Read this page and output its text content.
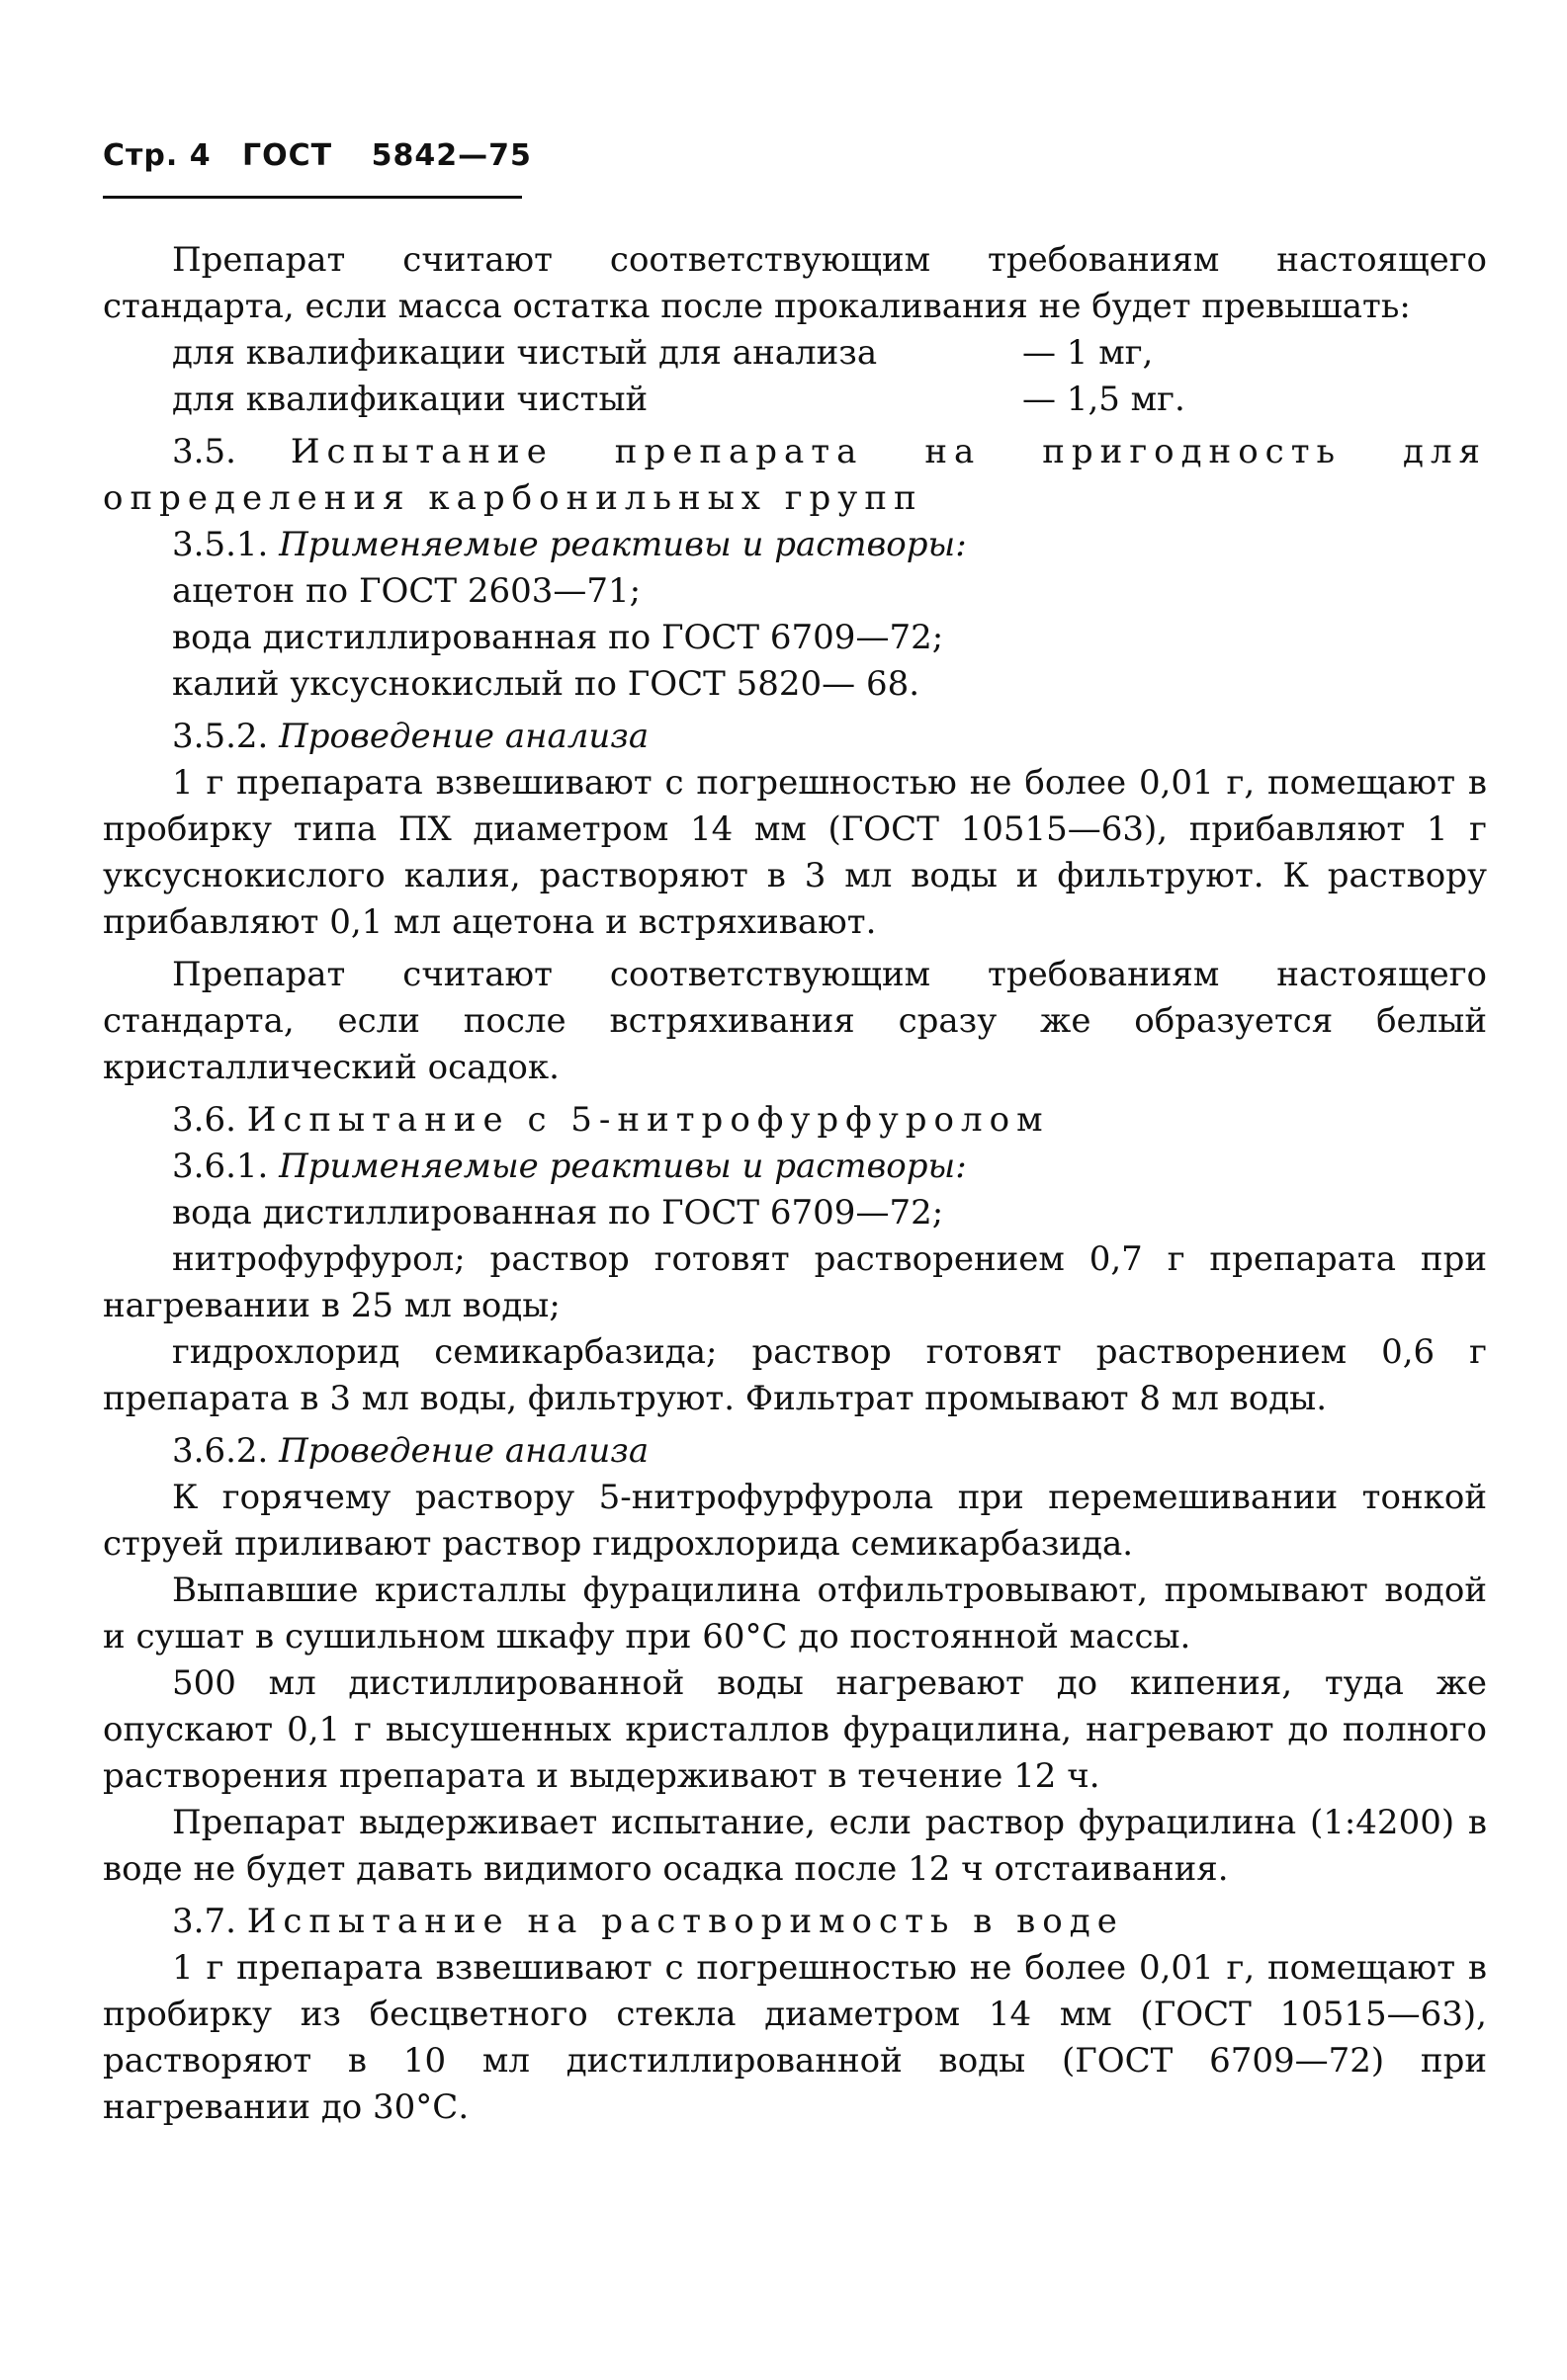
Стр. 4 ГОСТ 5842—75

Препарат считают соответствующим требованиям настоящего стандарта, если масса остатка после прокаливания не будет превышать:

для квалификации чистый для анализа	— 1 мг,
для квалификации чистый	— 1,5 мг.

3.5. Испытание препарата на пригодность для определения карбонильных групп

3.5.1. Применяемые реактивы и растворы:

ацетон по ГОСТ 2603—71;

вода дистиллированная по ГОСТ 6709—72;

калий уксуснокислый по ГОСТ 5820— 68.

3.5.2. Проведение анализа

1 г препарата взвешивают с погрешностью не более 0,01 г, помещают в пробирку типа ПХ диаметром 14 мм (ГОСТ 10515—63), прибавляют 1 г уксуснокислого калия, растворяют в 3 мл воды и фильтруют. К раствору прибавляют 0,1 мл ацетона и встряхивают.

Препарат считают соответствующим требованиям настоящего стандарта, если после встряхивания сразу же образуется белый кристаллический осадок.

3.6. Испытание с 5-нитрофурфуролом

3.6.1. Применяемые реактивы и растворы:

вода дистиллированная по ГОСТ 6709—72;

нитрофурфурол; раствор готовят растворением 0,7 г препарата при нагревании в 25 мл воды;

гидрохлорид семикарбазида; раствор готовят растворением 0,6 г препарата в 3 мл воды, фильтруют. Фильтрат промывают 8 мл воды.

3.6.2. Проведение анализа

К горячему раствору 5-нитрофурфурола при перемешивании тонкой струей приливают раствор гидрохлорида семикарбазида.

Выпавшие кристаллы фурацилина отфильтровывают, промывают водой и сушат в сушильном шкафу при 60°С до постоянной массы.

500 мл дистиллированной воды нагревают до кипения, туда же опускают 0,1 г высушенных кристаллов фурацилина, нагревают до полного растворения препарата и выдерживают в течение 12 ч.

Препарат выдерживает испытание, если раствор фурацилина (1:4200) в воде не будет давать видимого осадка после 12 ч отстаивания.

3.7. Испытание на растворимость в воде

1 г препарата взвешивают с погрешностью не более 0,01 г, помещают в пробирку из бесцветного стекла диаметром 14 мм (ГОСТ 10515—63), растворяют в 10 мл дистиллированной воды (ГОСТ 6709—72) при нагревании до 30°С.
